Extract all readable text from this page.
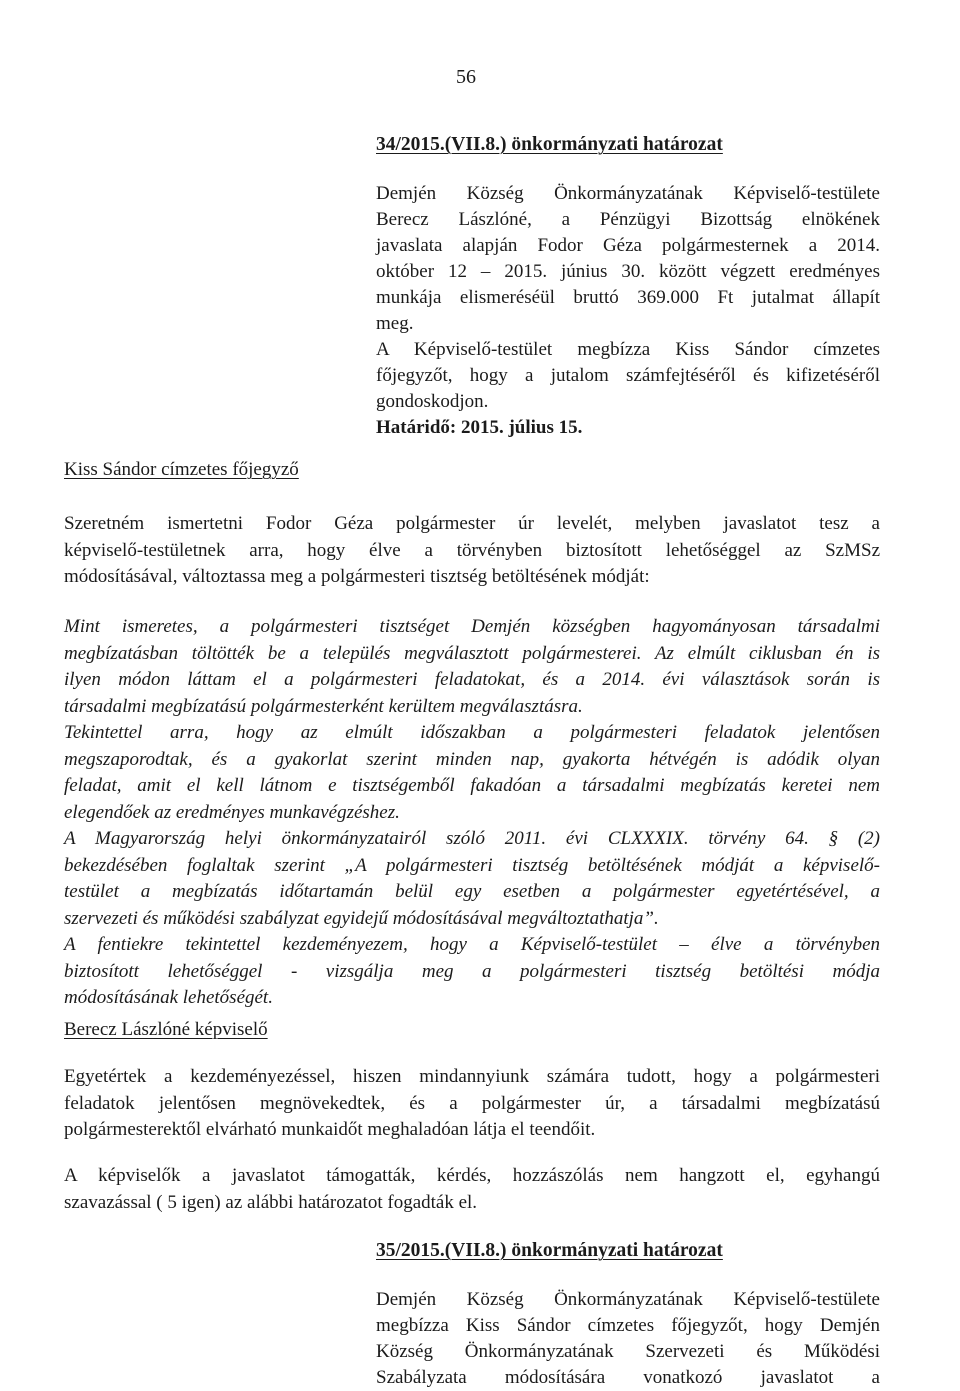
56
34/2015.(VII.8.) önkormányzati határozat
Demjén Község Önkormányzatának Képviselő-testülete
Berecz Lászlóné, a Pénzügyi Bizottság elnökének
javaslata alapján Fodor Géza polgármesternek a 2014.
október 12 – 2015. június 30. között végzett eredményes
munkája elismeréséül bruttó 369.000 Ft jutalmat állapít
meg.
A Képviselő-testület megbízza Kiss Sándor címzetes
főjegyzőt, hogy a jutalom számfejtéséről és kifizetéséről
gondoskodjon.
Határidő: 2015. július 15.
Kiss Sándor címzetes főjegyző
Szeretném ismertetni Fodor Géza polgármester úr levelét, melyben javaslatot tesz a
képviselő-testületnek arra, hogy élve a törvényben biztosított lehetőséggel az SzMSz
módosításával, változtassa meg a polgármesteri tisztség betöltésének módját:
Mint ismeretes, a polgármesteri tisztséget Demjén községben hagyományosan társadalmi
megbízatásban töltötték be a település megválasztott polgármesterei. Az elmúlt ciklusban én is
ilyen módon láttam el a polgármesteri feladatokat, és a 2014. évi választások során is
társadalmi megbízatású polgármesterként kerültem megválasztásra.
Tekintettel arra, hogy az elmúlt időszakban a polgármesteri feladatok jelentősen
megszaporodtak, és a gyakorlat szerint minden nap, gyakorta hétvégén is adódik olyan
feladat, amit el kell látnom e tisztségemből fakadóan a társadalmi megbízatás keretei nem
elegendőek az eredményes munkavégzéshez.
A Magyarország helyi önkormányzatairól szóló 2011. évi CLXXXIX. törvény 64. § (2)
bekezdésében foglaltak szerint „A polgármesteri tisztség betöltésének módját a képviselő-
testület a megbízatás időtartamán belül egy esetben a polgármester egyetértésével, a
szervezeti és működési szabályzat egyidejű módosításával megváltoztathatja”.
A fentiekre tekintettel kezdeményezem, hogy a Képviselő-testület – élve a törvényben
biztosított lehetőséggel - vizsgálja meg a polgármesteri tisztség betöltési módja
módosításának lehetőségét.
Berecz Lászlóné képviselő
Egyetértek a kezdeményezéssel, hiszen mindannyiunk számára tudott, hogy a polgármesteri
feladatok jelentősen megnövekedtek, és a polgármester úr, a társadalmi megbízatású
polgármesterektől elvárható munkaidőt meghaladóan látja el teendőit.
A képviselők a javaslatot támogatták, kérdés, hozzászólás nem hangzott el, egyhangú
szavazással ( 5 igen) az alábbi határozatot fogadták el.
35/2015.(VII.8.) önkormányzati határozat
Demjén Község Önkormányzatának Képviselő-testülete
megbízza Kiss Sándor címzetes főjegyzőt, hogy Demjén
Község Önkormányzatának Szervezeti és Működési
Szabályzata módosítására vonatkozó javaslatot a
